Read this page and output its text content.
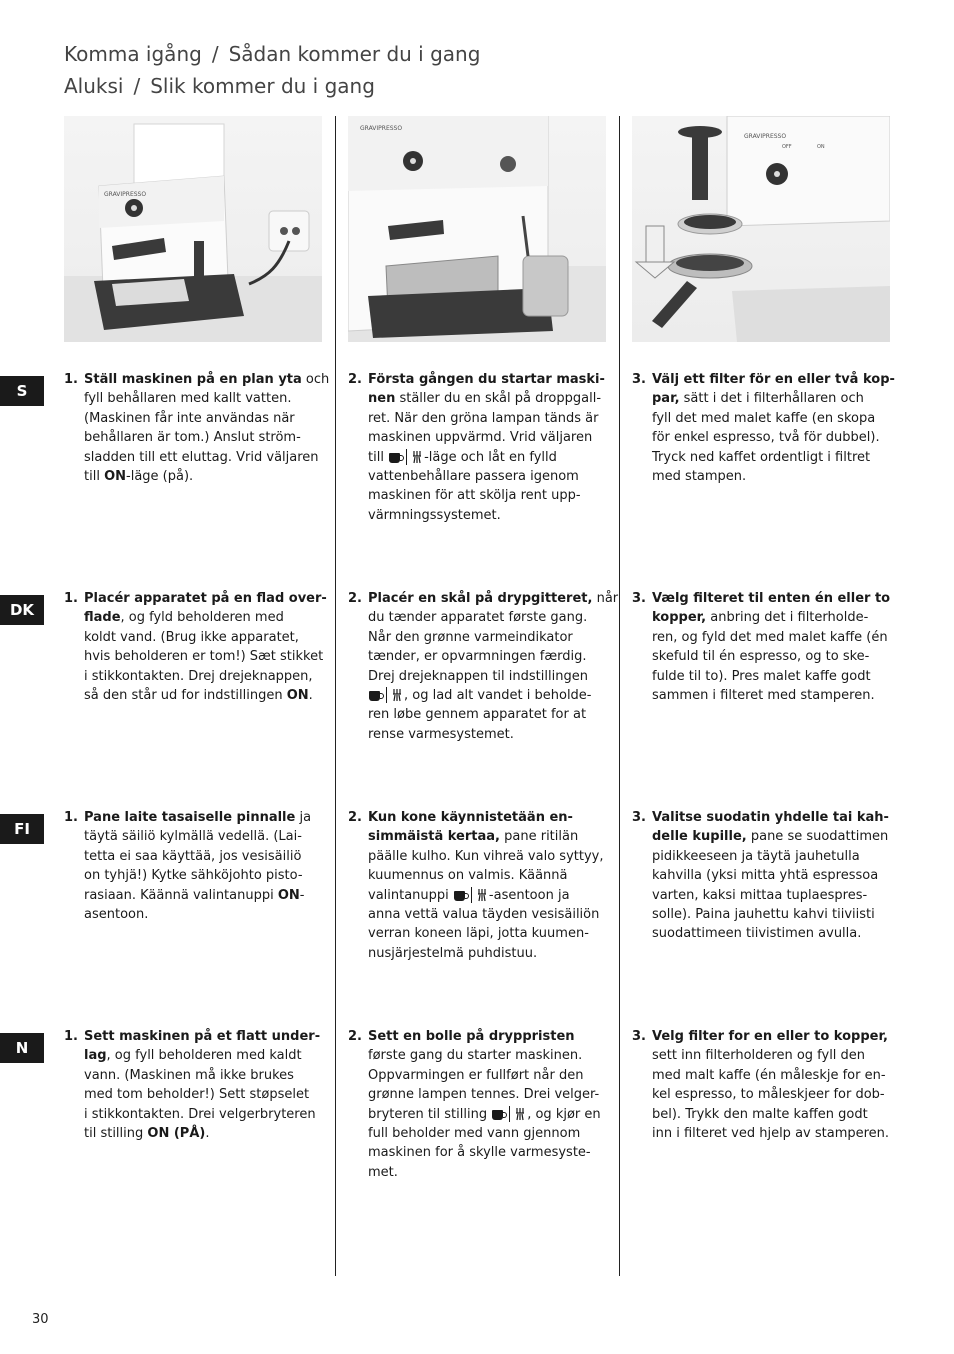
Komma igång / Sådan kommer du i gang
Aluksi / Slik kommer du i gang
GRAVIPRESSO
GRAVIPRESSO
GRAVIPRESSO
OFF	ON
S
DK
FI
N
1. Ställ maskinen på en plan yta och
fyll behållaren med kallt vatten.
(Maskinen får inte användas när
behållaren är tom.) Anslut ström-
sladden till ett eluttag. Vrid väljaren
till ON-läge (på).
2. Första gången du startar maski-
nen ställer du en skål på droppgall-
ret. När den gröna lampan tänds är
maskinen uppvärmd. Vrid väljaren
till	-läge och låt en fylld
vattenbehållare passera igenom
maskinen för att skölja rent upp-
värmningssystemet.
3. Välj ett filter för en eller två kop-
par, sätt i det i filterhållaren och
fyll det med malet kaffe (en skopa
för enkel espresso, två för dubbel).
Tryck ned kaffet ordentligt i filtret
med stampen.
1. Placér apparatet på en flad over-
flade, og fyld beholderen med
koldt vand. (Brug ikke apparatet,
hvis beholderen er tom!) Sæt stikket
i stikkontakten. Drej drejeknappen,
så den står ud for indstillingen ON.
2. Placér en skål på drypgitteret, når
du tænder apparatet første gang.
Når den grønne varmeindikator
tænder, er opvarmningen færdig.
Drej drejeknappen til indstillingen
, og lad alt vandet i beholde-
ren løbe gennem apparatet for at
rense varmesystemet.
3. Vælg filteret til enten én eller to
kopper, anbring det i filterholde-
ren, og fyld det med malet kaffe (én
skefuld til én espresso, og to ske-
fulde til to). Pres malet kaffe godt
sammen i filteret med stamperen.
1. Pane laite tasaiselle pinnalle ja
täytä säiliö kylmällä vedellä. (Lai-
tetta ei saa käyttää, jos vesisäiliö
on tyhjä!) Kytke sähköjohto pisto-
rasiaan. Käännä valintanuppi ON-
asentoon.
2. Kun kone käynnistetään en-
simmäistä kertaa, pane ritilän
päälle kulho. Kun vihreä valo syttyy,
kuumennus on valmis. Käännä
valintanuppi	-asentoon ja
anna vettä valua täyden vesisäiliön
verran koneen läpi, jotta kuumen-
nusjärjestelmä puhdistuu.
3. Valitse suodatin yhdelle tai kah-
delle kupille, pane se suodattimen
pidikkeeseen ja täytä jauhetulla
kahvilla (yksi mitta yhtä espressoa
varten, kaksi mittaa tuplaespres-
solle). Paina jauhettu kahvi tiiviisti
suodattimeen tiivistimen avulla.
1. Sett maskinen på et flatt under-
lag, og fyll beholderen med kaldt
vann. (Maskinen må ikke brukes
med tom beholder!) Sett støpselet
i stikkontakten. Drei velgerbryteren
til stilling ON (PÅ).
2. Sett en bolle på dryppristen
første gang du starter maskinen.
Oppvarmingen er fullført når den
grønne lampen tennes. Drei velger-
bryteren til stilling	, og kjør en
full beholder med vann gjennom
maskinen for å skylle varmesyste-
met.
3. Velg filter for en eller to kopper,
sett inn filterholderen og fyll den
med malt kaffe (én måleskje for en-
kel espresso, to måleskjeer for dob-
bel). Trykk den malte kaffen godt
inn i filteret ved hjelp av stamperen.
30
